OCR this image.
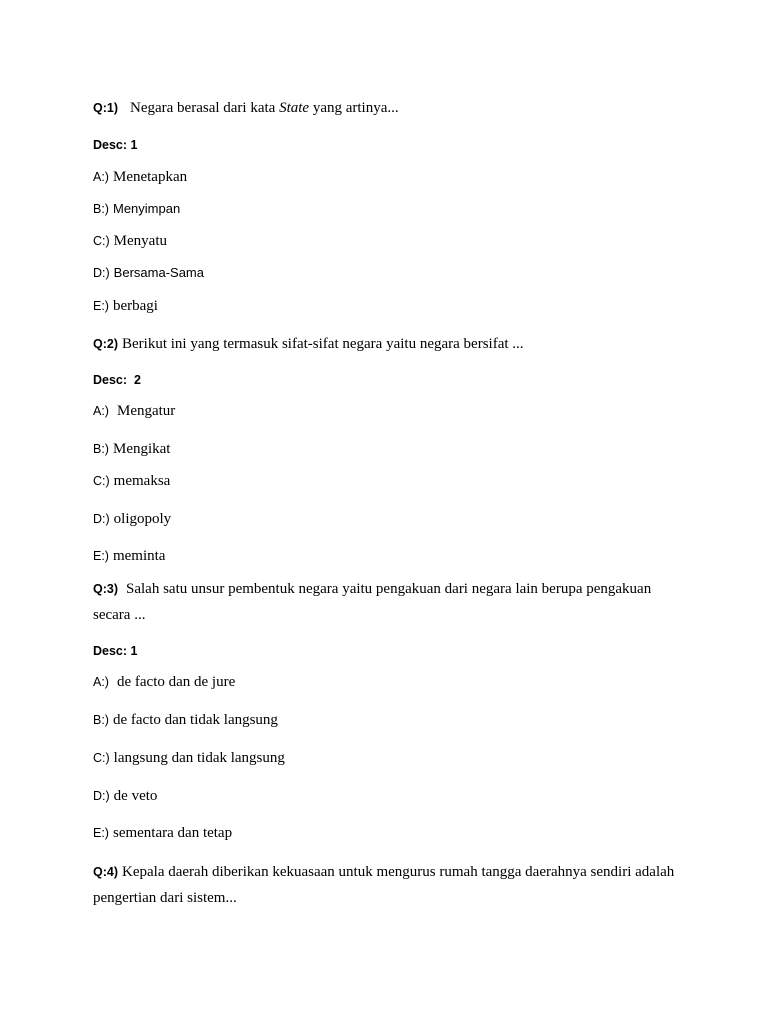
Q:1) Negara berasal dari kata State yang artinya...
Desc: 1
A:) Menetapkan
B:) Menyimpan
C:) Menyatu
D:) Bersama-Sama
E:) berbagi
Q:2) Berikut ini yang termasuk sifat-sifat negara yaitu negara bersifat ...
Desc:  2
A:) Mengatur
B:) Mengikat
C:) memaksa
D:) oligopoly
E:) meminta
Q:3) Salah satu unsur pembentuk negara yaitu pengakuan dari negara lain berupa pengakuan secara ...
Desc: 1
A:) de facto dan de jure
B:) de facto dan tidak langsung
C:) langsung dan tidak langsung
D:) de veto
E:) sementara dan tetap
Q:4) Kepala daerah diberikan kekuasaan untuk mengurus rumah tangga daerahnya sendiri adalah pengertian dari sistem...
